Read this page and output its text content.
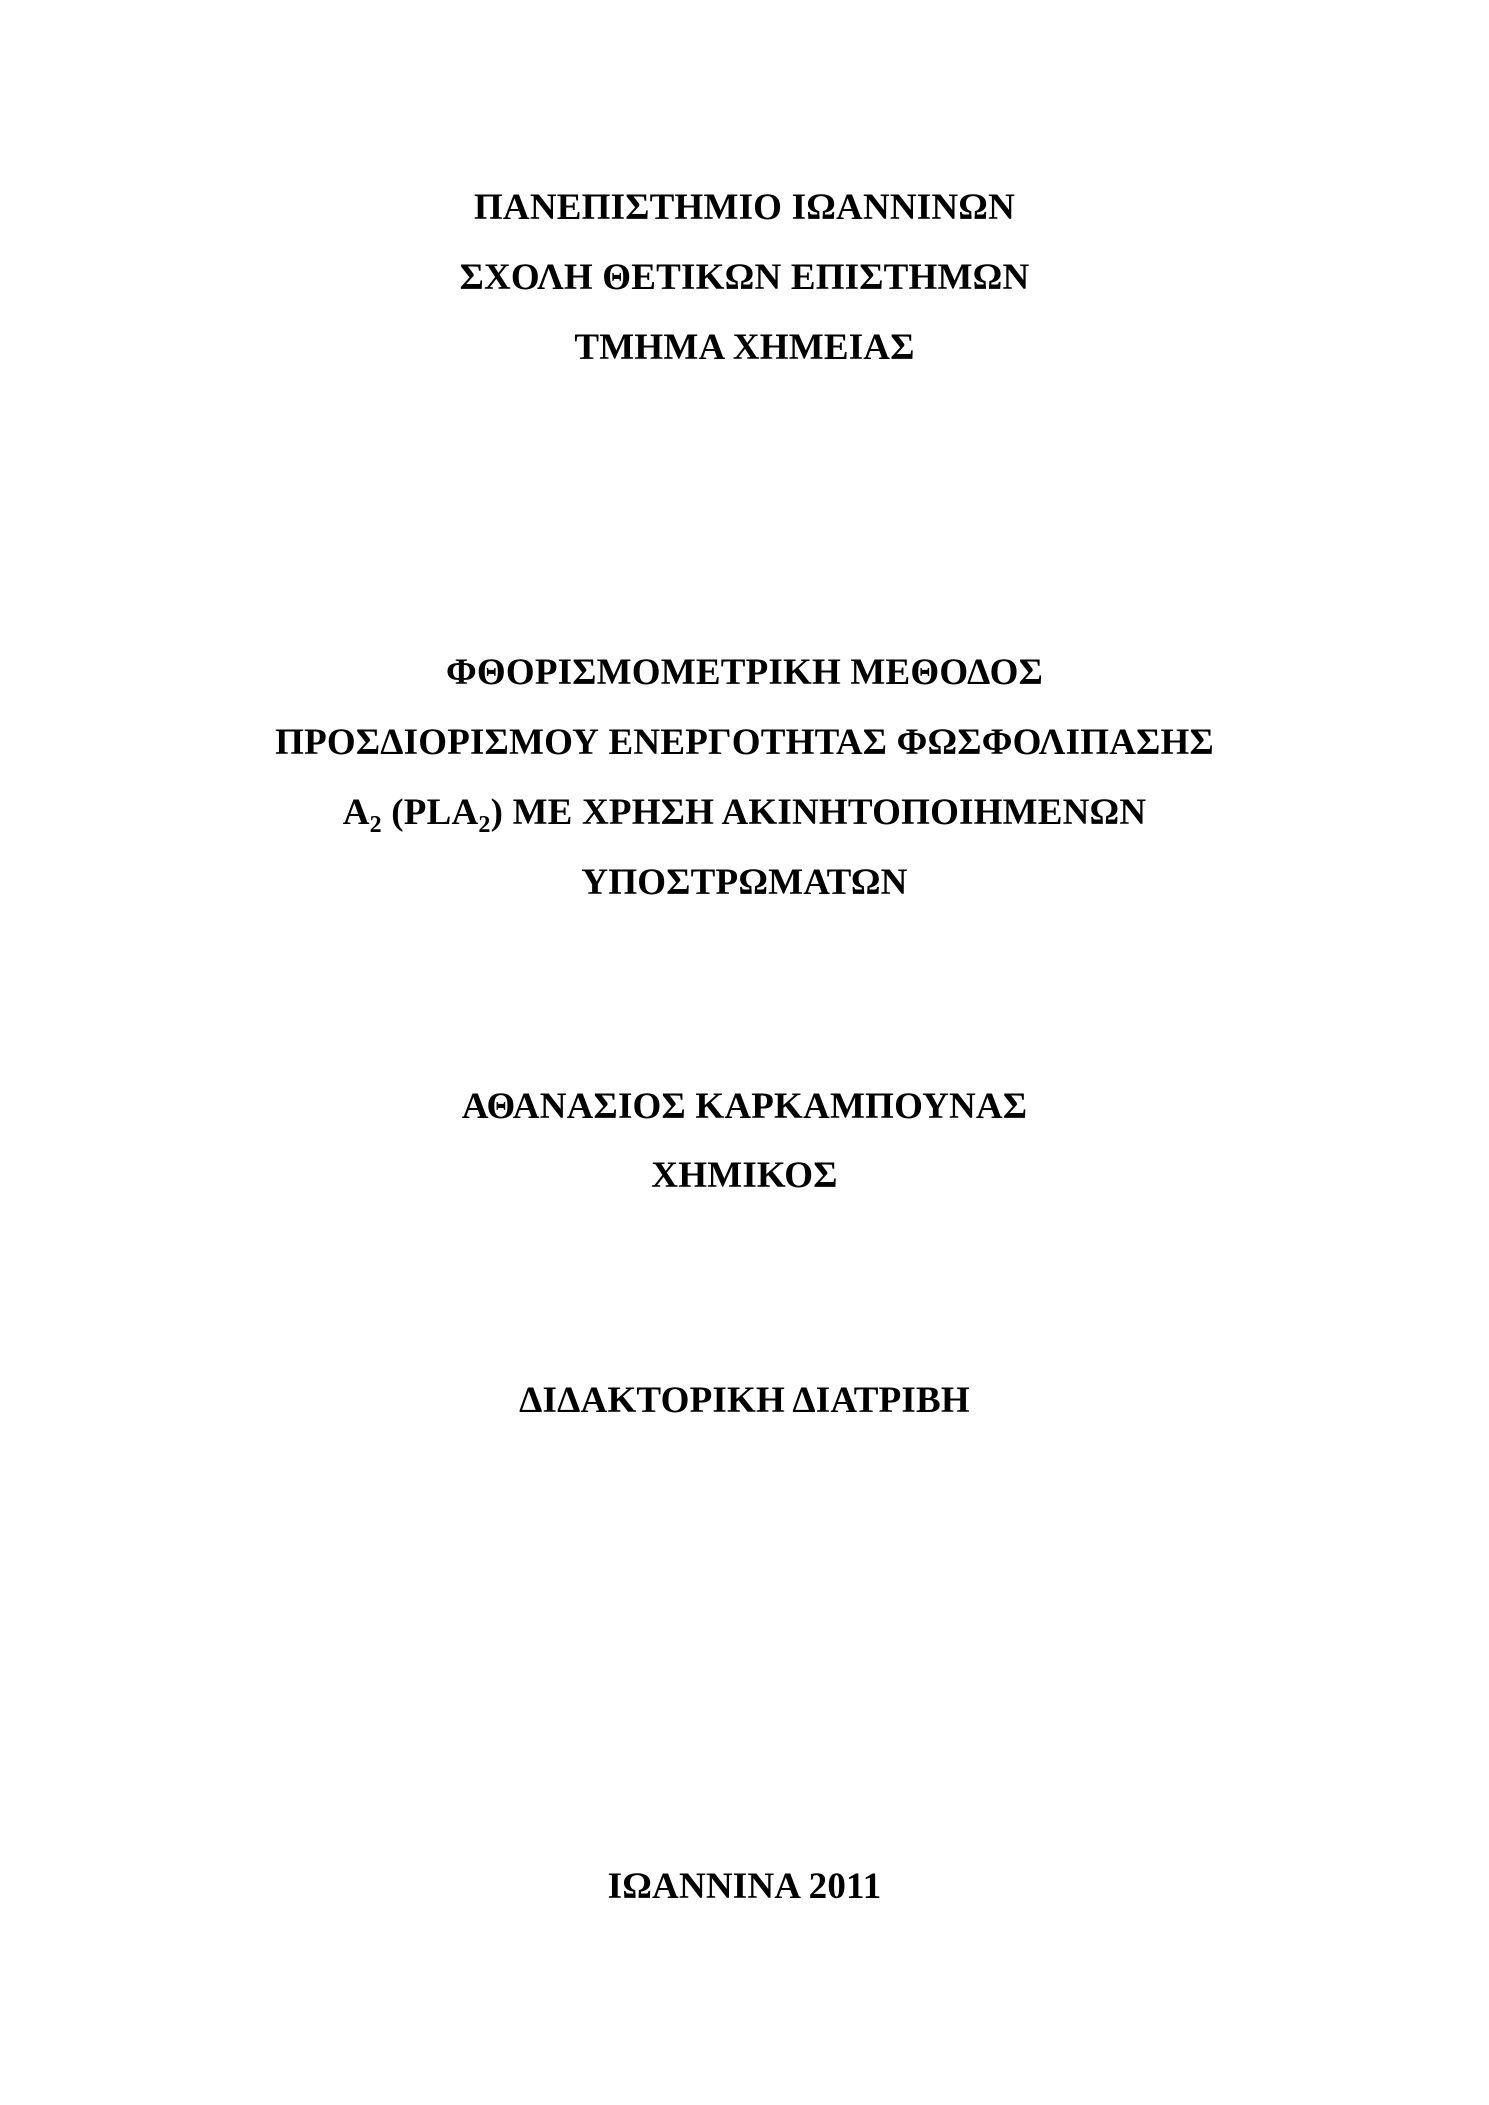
ΠΑΝΕΠΙΣΤΗΜΙΟ ΙΩΑΝΝΙΝΩΝ
ΣΧΟΛΗ ΘΕΤΙΚΩΝ ΕΠΙΣΤΗΜΩΝ
ΤΜΗΜΑ ΧΗΜΕΙΑΣ
ΦΘΟΡΙΣΜΟΜΕΤΡΙΚΗ ΜΕΘΟΔΟΣ
ΠΡΟΣΔΙΟΡΙΣΜΟΥ ΕΝΕΡΓΟΤΗΤΑΣ ΦΩΣΦΟΛΙΠΑΣΗΣ
$A_2$ $(PLA_2)$ ΜΕ ΧΡΗΣΗ ΑΚΙΝΗΤΟΠΟΙΗΜΕΝΩΝ
ΥΠΟΣΤΡΩΜΑΤΩΝ
ΑΘΑΝΑΣΙΟΣ ΚΑΡΚΑΜΠΟΥΝΑΣ
ΧΗΜΙΚΟΣ
ΔΙΔΑΚΤΟΡΙΚΗ ΔΙΑΤΡΙΒΗ
ΙΩΑΝΝΙΝΑ 2011
